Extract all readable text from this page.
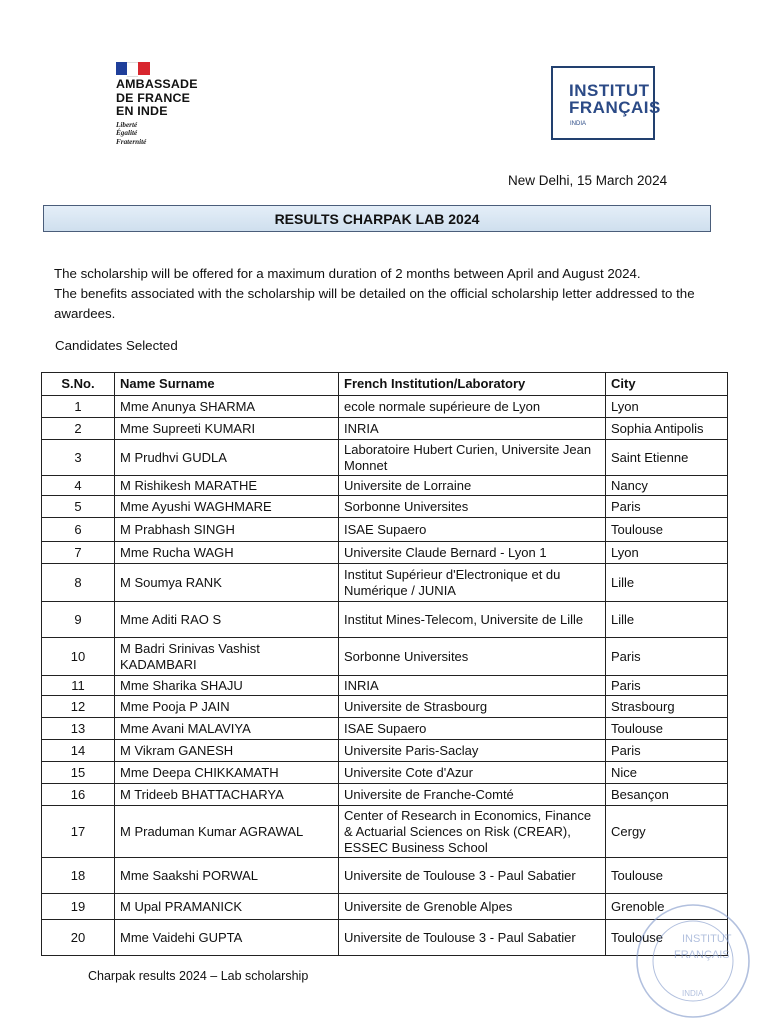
AMBASSADE
DE FRANCE
EN INDE
Liberté
Égalité
Fraternité
INSTITUT
FRANÇAIS
INDIA
New Delhi, 15 March 2024
RESULTS CHARPAK LAB 2024

The scholarship will be offered for a maximum duration of 2 months between April and August 2024.

The benefits associated with the scholarship will be detailed on the official scholarship letter addressed to the awardees.

Candidates Selected
S.No.	Name Surname	French Institution/Laboratory	City
1	Mme Anunya SHARMA	ecole normale supérieure de Lyon	Lyon
2	Mme Supreeti KUMARI	INRIA	Sophia Antipolis
3	M Prudhvi GUDLA	Laboratoire Hubert Curien, Universite Jean Monnet	Saint Etienne
4	M Rishikesh MARATHE	Universite de Lorraine	Nancy
5	Mme Ayushi WAGHMARE	Sorbonne Universites	Paris
6	M Prabhash SINGH	ISAE Supaero	Toulouse
7	Mme Rucha WAGH	Universite Claude Bernard - Lyon 1	Lyon
8	M Soumya RANK	Institut Supérieur d'Electronique et du Numérique / JUNIA	Lille
9	Mme Aditi RAO S	Institut Mines-Telecom, Universite de Lille	Lille
10	M Badri Srinivas Vashist KADAMBARI	Sorbonne Universites	Paris
11	Mme Sharika SHAJU	INRIA	Paris
12	Mme Pooja P JAIN	Universite de Strasbourg	Strasbourg
13	Mme Avani MALAVIYA	ISAE Supaero	Toulouse
14	M Vikram GANESH	Universite Paris-Saclay	Paris
15	Mme Deepa CHIKKAMATH	Universite Cote d'Azur	Nice
16	M Trideeb BHATTACHARYA	Universite de Franche-Comté	Besançon
17	M Praduman Kumar AGRAWAL	Center of Research in Economics, Finance & Actuarial Sciences on Risk (CREAR), ESSEC Business School	Cergy
18	Mme Saakshi PORWAL	Universite de Toulouse 3 - Paul Sabatier	Toulouse
19	M Upal PRAMANICK	Universite de Grenoble Alpes	Grenoble
20	Mme Vaidehi GUPTA	Universite de Toulouse 3 - Paul Sabatier	Toulouse
Charpak results 2024 – Lab scholarship
INSTITUT
FRANÇAIS
INDIA
